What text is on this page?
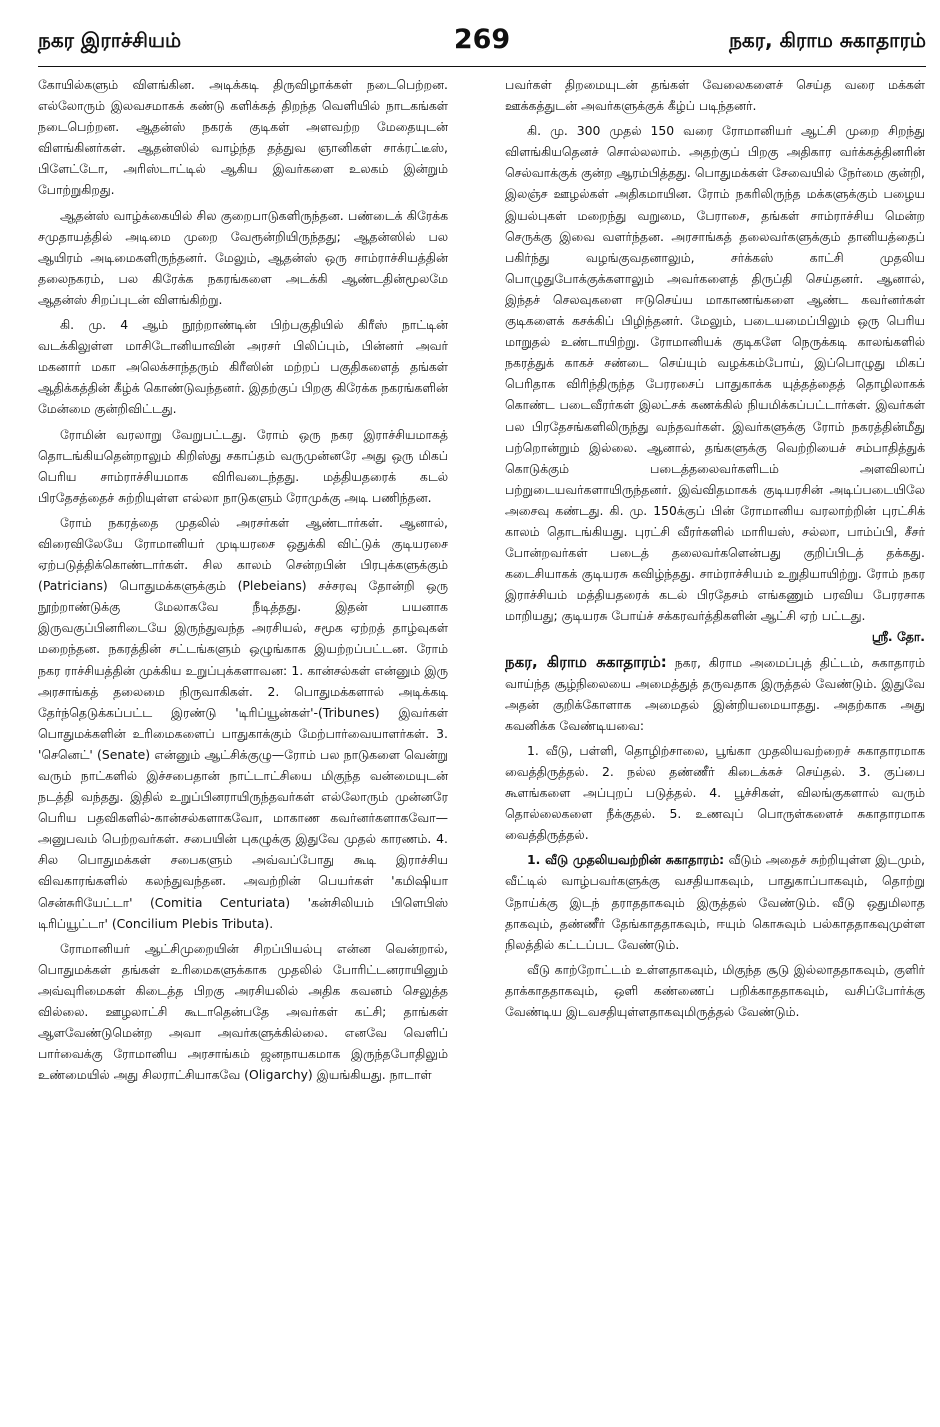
269
நகர இராச்சியம்	நகர, கிராம சுகாதாரம்

கோயில்களும் விளங்கின. அடிக்கடி திருவிழாக்கள் நடைபெற்றன. எல்லோரும் இலவசமாகக் கண்டு களிக்கத் திறந்த வெளியில் நாடகங்கள் நடைபெற்றன. ஆதன்ஸ் நகரக் குடிகள் அளவற்ற மேதையுடன் விளங்கினர்கள். ஆதன்ஸில் வாழ்ந்த தத்துவ ஞானிகள் சாக்ரட்டீஸ், பிளேட்டோ, அரிஸ்டாட்டில் ஆகிய இவர்களை உலகம் இன்றும் போற்றுகிறது.

ஆதன்ஸ் வாழ்க்கையில் சில குறைபாடுகளிருந்தன. பண்டைக் கிரேக்க சமுதாயத்தில் அடிமை முறை வேரூன்றியிருந்தது; ஆதன்ஸில் பல ஆயிரம் அடிமைகளிருந்தனர். மேலும், ஆதன்ஸ் ஒரு சாம்ராச்சியத்தின் தலைநகரம், பல கிரேக்க நகரங்களை அடக்கி ஆண்டதின்மூலமே ஆதன்ஸ் சிறப்புடன் விளங்கிற்று.

கி. மு. 4 ஆம் நூற்றாண்டின் பிற்பகுதியில் கிரீஸ் நாட்டின் வடக்கிலுள்ள மாசிடோனியாவின் அரசர் பிலிப்பும், பின்னர் அவர் மகனார் மகா அலெக்சாந்தரும் கிரீஸின் மற்றப் பகுதிகளைத் தங்கள் ஆதிக்கத்தின் கீழ்க் கொண்டுவந்தனர். இதற்குப் பிறகு கிரேக்க நகரங்களின் மேன்மை குன்றிவிட்டது.

ரோமின் வரலாறு வேறுபட்டது. ரோம் ஒரு நகர இராச்சியமாகத் தொடங்கியதென்றாலும் கிறிஸ்து சகாப்தம் வருமுன்னரே அது ஒரு மிகப் பெரிய சாம்ராச்சியமாக விரிவடைந்தது. மத்தியதரைக் கடல் பிரதேசத்தைச் சுற்றியுள்ள எல்லா நாடுகளும் ரோமுக்கு அடி பணிந்தன.

ரோம் நகரத்தை முதலில் அரசர்கள் ஆண்டார்கள். ஆனால், விரைவிலேயே ரோமானியர் முடியரசை ஒதுக்கி விட்டுக் குடியரசை ஏற்படுத்திக்கொண்டார்கள். சில காலம் சென்றபின் பிரபுக்களுக்கும் (Patricians) பொதுமக்களுக்கும் (Plebeians) சச்சரவு தோன்றி ஒரு நூற்றாண்டுக்கு மேலாகவே நீடித்தது. இதன் பயனாக இருவகுப்பினரிடையே இருந்துவந்த அரசியல், சமூக ஏற்றத் தாழ்வுகள் மறைந்தன. நகரத்தின் சட்டங்களும் ஒழுங்காக இயற்றப்பட்டன. ரோம் நகர ராச்சியத்தின் முக்கிய உறுப்புக்களாவன: 1. கான்சல்கள் என்னும் இரு அரசாங்கத் தலைமை நிருவாகிகள். 2. பொதுமக்களால் அடிக்கடி தேர்ந்தெடுக்கப்பட்ட இரண்டு 'டிரிப்யூன்கள்'-(Tribunes) இவர்கள் பொதுமக்களின் உரிமைகளைப் பாதுகாக்கும் மேற்பார்வையாளர்கள். 3. 'செனெட்' (Senate) என்னும் ஆட்சிக்குழு—ரோம் பல நாடுகளை வென்று வரும் நாட்களில் இச்சபைதான் நாட்டாட்சியை மிகுந்த வன்மையுடன் நடத்தி வந்தது. இதில் உறுப்பினராயிருந்தவர்கள் எல்லோரும் முன்னரே பெரிய பதவிகளில்-கான்சல்களாகவோ, மாகாண கவர்னர்களாகவோ—அனுபவம் பெற்றவர்கள். சபையின் புகழுக்கு இதுவே முதல் காரணம். 4. சில பொதுமக்கள் சபைகளும் அவ்வப்போது கூடி இராச்சிய விவகாரங்களில் கலந்துவந்தன. அவற்றின் பெயர்கள் 'கமிஷியா சென்சுரியேட்டா' (Comitia Centuriata) 'கன்சிலியம் பிளெபிஸ் டிரிப்யூட்டா' (Concilium Plebis Tributa).

ரோமானியர் ஆட்சிமுறையின் சிறப்பியல்பு என்ன வென்றால், பொதுமக்கள் தங்கள் உரிமைகளுக்காக முதலில் போரிட்டனராயினும் அவ்வுரிமைகள் கிடைத்த பிறகு அரசியலில் அதிக கவனம் செலுத்த வில்லை. ஊழலாட்சி கூடாதென்பதே அவர்கள் கட்சி; தாங்கள் ஆளவேண்டுமென்ற அவா அவர்களுக்கில்லை. எனவே வெளிப் பார்வைக்கு ரோமானிய அரசாங்கம் ஜனநாயகமாக இருந்தபோதிலும் உண்மையில் அது சிலராட்சியாகவே (Oligarchy) இயங்கியது. நாடாள்

பவர்கள் திறமையுடன் தங்கள் வேலைகளைச் செய்த வரை மக்கள் ஊக்கத்துடன் அவர்களுக்குக் கீழ்ப் படிந்தனர்.

கி. மு. 300 முதல் 150 வரை ரோமானியர் ஆட்சி முறை சிறந்து விளங்கியதெனச் சொல்லலாம். அதற்குப் பிறகு அதிகார வர்க்கத்தினரின் செல்வாக்குக் குன்ற ஆரம்பித்தது. பொதுமக்கள் சேவையில் நேர்மை குன்றி, இலஞ்ச ஊழல்கள் அதிகமாயின. ரோம் நகரிலிருந்த மக்களுக்கும் பழைய இயல்புகள் மறைந்து வறுமை, பேராசை, தங்கள் சாம்ராச்சிய மென்ற செருக்கு இவை வளர்ந்தன. அரசாங்கத் தலைவர்களுக்கும் தானியத்தைப் பகிர்ந்து வழங்குவதனாலும், சர்க்கஸ் காட்சி முதலிய பொழுதுபோக்குக்களாலும் அவர்களைத் திருப்தி செய்தனர். ஆனால், இந்தச் செலவுகளை ஈடுசெய்ய மாகாணங்களை ஆண்ட கவர்னர்கள் குடிகளைக் கசக்கிப் பிழிந்தனர். மேலும், படையமைப்பிலும் ஒரு பெரிய மாறுதல் உண்டாயிற்று. ரோமானியக் குடிகளே நெருக்கடி காலங்களில் நகரத்துக் காகச் சண்டை செய்யும் வழக்கம்போய், இப்பொழுது மிகப் பெரிதாக விரிந்திருந்த பேரரசைப் பாதுகாக்க யுத்தத்தைத் தொழிலாகக் கொண்ட படைவீரர்கள் இலட்சக் கணக்கில் நியமிக்கப்பட்டார்கள். இவர்கள் பல பிரதேசங்களிலிருந்து வந்தவர்கள். இவர்களுக்கு ரோம் நகரத்தின்மீது பற்றொன்றும் இல்லை. ஆனால், தங்களுக்கு வெற்றியைச் சம்பாதித்துக் கொடுக்கும் படைத்தலைவர்களிடம் அளவிலாப் பற்றுடையவர்களாயிருந்தனர். இவ்விதமாகக் குடியரசின் அடிப்படையிலே அசைவு கண்டது. கி. மு. 150க்குப் பின் ரோமானிய வரலாற்றின் புரட்சிக் காலம் தொடங்கியது. புரட்சி வீரர்களில் மாரியஸ், சல்லா, பாம்ப்பி, சீசர் போன்றவர்கள் படைத் தலைவர்களென்பது குறிப்பிடத் தக்கது. கடைசியாகக் குடியரசு கவிழ்ந்தது. சாம்ராச்சியம் உறுதியாயிற்று. ரோம் நகர இராச்சியம் மத்தியதரைக் கடல் பிரதேசம் எங்கணும் பரவிய பேரரசாக மாறியது; குடியரசு போய்ச் சக்கரவர்த்திகளின் ஆட்சி ஏற் பட்டது.

ஸ்ரீ. தோ.

நகர, கிராம சுகாதாரம்: நகர, கிராம அமைப்புத் திட்டம், சுகாதாரம் வாய்ந்த சூழ்நிலையை அமைத்துத் தருவதாக இருத்தல் வேண்டும். இதுவே அதன் குறிக்கோளாக அமைதல் இன்றியமையாதது. அதற்காக அது கவனிக்க வேண்டியவை:

1. வீடு, பள்ளி, தொழிற்சாலை, பூங்கா முதலியவற்றைச் சுகாதாரமாக வைத்திருத்தல். 2. நல்ல தண்ணீர் கிடைக்கச் செய்தல். 3. குப்பை கூளங்களை அப்புறப் படுத்தல். 4. பூச்சிகள், விலங்குகளால் வரும் தொல்லைகளை நீக்குதல். 5. உணவுப் பொருள்களைச் சுகாதாரமாக வைத்திருத்தல்.

1. வீடு முதலியவற்றின் சுகாதாரம்: வீடும் அதைச் சுற்றியுள்ள இடமும், வீட்டில் வாழ்பவர்களுக்கு வசதியாகவும், பாதுகாப்பாகவும், தொற்று நோய்க்கு இடந் தராததாகவும் இருத்தல் வேண்டும். வீடு ஒதுமிலாத தாகவும், தண்ணீர் தேங்காததாகவும், ஈயும் கொசுவும் பல்காததாகவுமுள்ள நிலத்தில் கட்டப்பட வேண்டும்.

வீடு காற்றோட்டம் உள்ளதாகவும், மிகுந்த சூடு இல்லாததாகவும், குளிர் தாக்காததாகவும், ஒளி கண்ணைப் பறிக்காததாகவும், வசிப்போர்க்கு வேண்டிய இடவசதியுள்ளதாகவுமிருத்தல் வேண்டும்.
